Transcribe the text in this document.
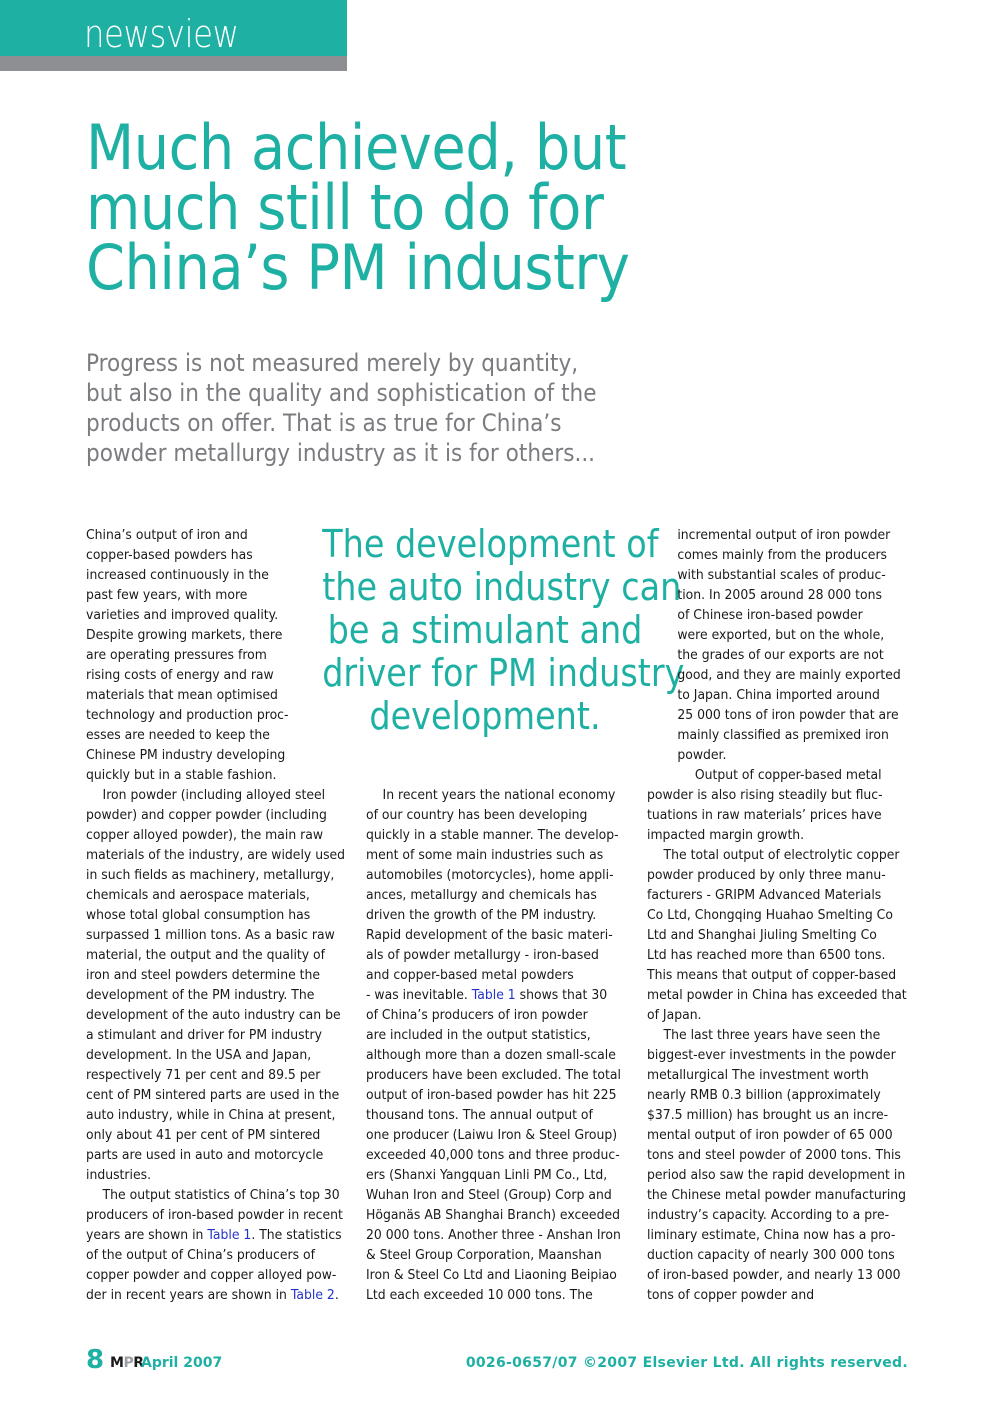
newsview
Much achieved, but
much still to do for
China’s PM industry
Progress is not measured merely by quantity,
but also in the quality and sophistication of the
products on offer. That is as true for China’s
powder metallurgy industry as it is for others...
China’s output of iron and
copper-based powders has
increased continuously in the
past few years, with more
varieties and improved quality.
Despite growing markets, there
are operating pressures from
rising costs of energy and raw
materials that mean optimised
technology and production proc-
esses are needed to keep the
Chinese PM industry developing
quickly but in a stable fashion.
Iron powder (including alloyed steel
powder) and copper powder (including
copper alloyed powder), the main raw
materials of the industry, are widely used
in such fields as machinery, metallurgy,
chemicals and aerospace materials,
whose total global consumption has
surpassed 1 million tons. As a basic raw
material, the output and the quality of
iron and steel powders determine the
development of the PM industry. The
development of the auto industry can be
a stimulant and driver for PM industry
development. In the USA and Japan,
respectively 71 per cent and 89.5 per
cent of PM sintered parts are used in the
auto industry, while in China at present,
only about 41 per cent of PM sintered
parts are used in auto and motorcycle
industries.
The output statistics of China’s top 30
producers of iron-based powder in recent
years are shown in Table 1. The statistics
of the output of China’s producers of
copper powder and copper alloyed pow-
der in recent years are shown in Table 2.
The development of
the auto industry can
be a stimulant and
driver for PM industry
development.
In recent years the national economy
of our country has been developing
quickly in a stable manner. The develop-
ment of some main industries such as
automobiles (motorcycles), home appli-
ances, metallurgy and chemicals has
driven the growth of the PM industry.
Rapid development of the basic materi-
als of powder metallurgy - iron-based
and copper-based metal powders
- was inevitable. Table 1 shows that 30
of China’s producers of iron powder
are included in the output statistics,
although more than a dozen small-scale
producers have been excluded. The total
output of iron-based powder has hit 225
thousand tons. The annual output of
one producer (Laiwu Iron & Steel Group)
exceeded 40,000 tons and three produc-
ers (Shanxi Yangquan Linli PM Co., Ltd,
Wuhan Iron and Steel (Group) Corp and
Höganäs AB Shanghai Branch) exceeded
20 000 tons. Another three - Anshan Iron
& Steel Group Corporation, Maanshan
Iron & Steel Co Ltd and Liaoning Beipiao
Ltd each exceeded 10 000 tons. The
incremental output of iron powder
comes mainly from the producers
with substantial scales of produc-
tion. In 2005 around 28 000 tons
of Chinese iron-based powder
were exported, but on the whole,
the grades of our exports are not
good, and they are mainly exported
to Japan. China imported around
25 000 tons of iron powder that are
mainly classified as premixed iron
powder.
Output of copper-based metal
powder is also rising steadily but fluc-
tuations in raw materials’ prices have
impacted margin growth.
The total output of electrolytic copper
powder produced by only three manu-
facturers - GRIPM Advanced Materials
Co Ltd, Chongqing Huahao Smelting Co
Ltd and Shanghai Jiuling Smelting Co
Ltd has reached more than 6500 tons.
This means that output of copper-based
metal powder in China has exceeded that
of Japan.
The last three years have seen the
biggest-ever investments in the powder
metallurgical The investment worth
nearly RMB 0.3 billion (approximately
$37.5 million) has brought us an incre-
mental output of iron powder of 65 000
tons and steel powder of 2000 tons. This
period also saw the rapid development in
the Chinese metal powder manufacturing
industry’s capacity. According to a pre-
liminary estimate, China now has a pro-
duction capacity of nearly 300 000 tons
of iron-based powder, and nearly 13 000
tons of copper powder and
8 MPR
April 2007	0026-0657/07 ©2007 Elsevier Ltd. All rights reserved.
